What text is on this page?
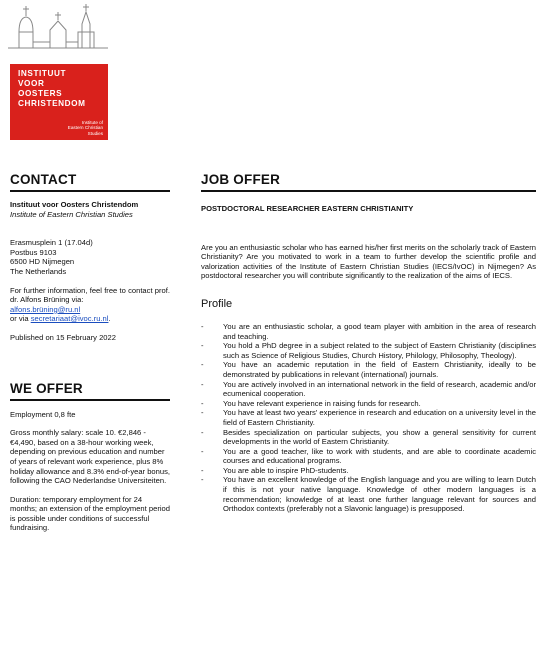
INSTITUUT
VOOR
OOSTERS
CHRISTENDOM
Institute of
Eastern Christian
Studies
CONTACT

Instituut voor Oosters Christendom

Institute of Eastern Christian Studies

Erasmusplein 1 (17.04d)

Postbus 9103

6500 HD Nijmegen

The Netherlands

For further information, feel free to contact prof. dr. Alfons Brüning via:

alfons.brüning@ru.nl

or via secretariaat@ivoc.ru.nl.

Published on 15 February 2022

WE OFFER

Employment 0,8 fte

Gross monthly salary: scale 10. €2,846 - €4,490, based on a 38-hour working week, depending on previous education and number of years of relevant work experience, plus 8% holiday allowance and 8.3% end-of-year bonus, following the CAO Nederlandse Universiteiten.

Duration: temporary employment for 24 months; an extension of the employment period is possible under conditions of successful fundraising.

JOB OFFER

POSTDOCTORAL RESEARCHER EASTERN CHRISTIANITY

Are you an enthusiastic scholar who has earned his/her first merits on the scholarly track of Eastern Christianity? Are you motivated to work in a team to further develop the scientific profile and valorization activities of the Institute of Eastern Christian Studies (IECS/IvOC) in Nijmegen? As postdoctoral researcher you will contribute significantly to the realization of the aims of IECS.

Profile
-	You are an enthusiastic scholar, a good team player with ambition in the area of research and teaching.
-	You hold a PhD degree in a subject related to the subject of Eastern Christianity (disciplines such as Science of Religious Studies, Church History, Philology, Philosophy, Theology).
-	You have an academic reputation in the field of Eastern Christianity, ideally to be demonstrated by publications in relevant (international) journals.
-	You are actively involved in an international network in the field of research, academic and/or ecumenical cooperation.
-	You have relevant experience in raising funds for research.
-	You have at least two years' experience in research and education on a university level in the field of Eastern Christianity.
-	Besides specialization on particular subjects, you show a general sensitivity for current developments in the world of Eastern Christianity.
-	You are a good teacher, like to work with students, and are able to coordinate academic courses and educational programs.
-	You are able to inspire PhD-students.
-	You have an excellent knowledge of the English language and you are willing to learn Dutch if this is not your native language. Knowledge of other modern languages is a recommendation; knowledge of at least one further language relevant for sources and Orthodox contexts (preferably not a Slavonic language) is presupposed.
